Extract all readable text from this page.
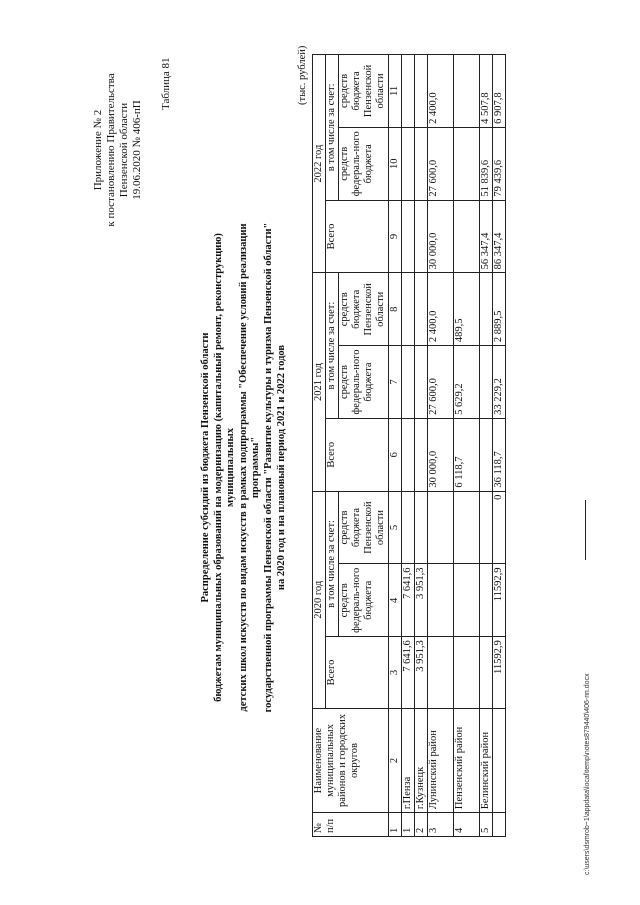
Приложение № 2 к постановлению Правительства Пензенской области 19.06.2020 № 406-пП
Таблица 81
Распределение субсидий из бюджета Пензенской области бюджетам муниципальных образований на модернизацию (капитальный ремонт, реконструкцию) муниципальных детских школ искусств по видам искусств в рамках подпрограммы "Обеспечение условий реализации программы" государственной программы Пензенской области "Развитие культуры и туризма Пензенской области" на 2020 год и на плановый период 2021 и 2022 годов
(тыс. рублей)
№ п/п	Наименование муниципальных районов и городских округов	2020 год			2021 год			2022 год		
		Всего	в том числе за счет:		Всего	в том числе за счет:		Всего	в том числе за счет:	
			средств федераль-ного бюджета	средств бюджета Пензенской области		средств федераль-ного бюджета	средств бюджета Пензенской области		средств федераль-ного бюджета	средств бюджета Пензенской области
1	2	3	4	5	6	7	8	9	10	11
1	г.Пенза	7 641,6	7 641,6							
2	г.Кузнецк	3 951,3	3 951,3							
3	Лунинский район				30 000,0	27 600,0	2 400,0	30 000,0	27 600,0	2 400,0
4	Пензенский район				6 118,7	5 629,2	489,5			
5	Белинский район							56 347,4	51 839,6	4 507,8
		11592,9	11592,9	0	36 118,7	33 229,2	2 889,5	86 347,4	79 439,6	6 907,8
c:\users\dsmrob~1\appdata\local\temp\notes879440\406-пп.docx
